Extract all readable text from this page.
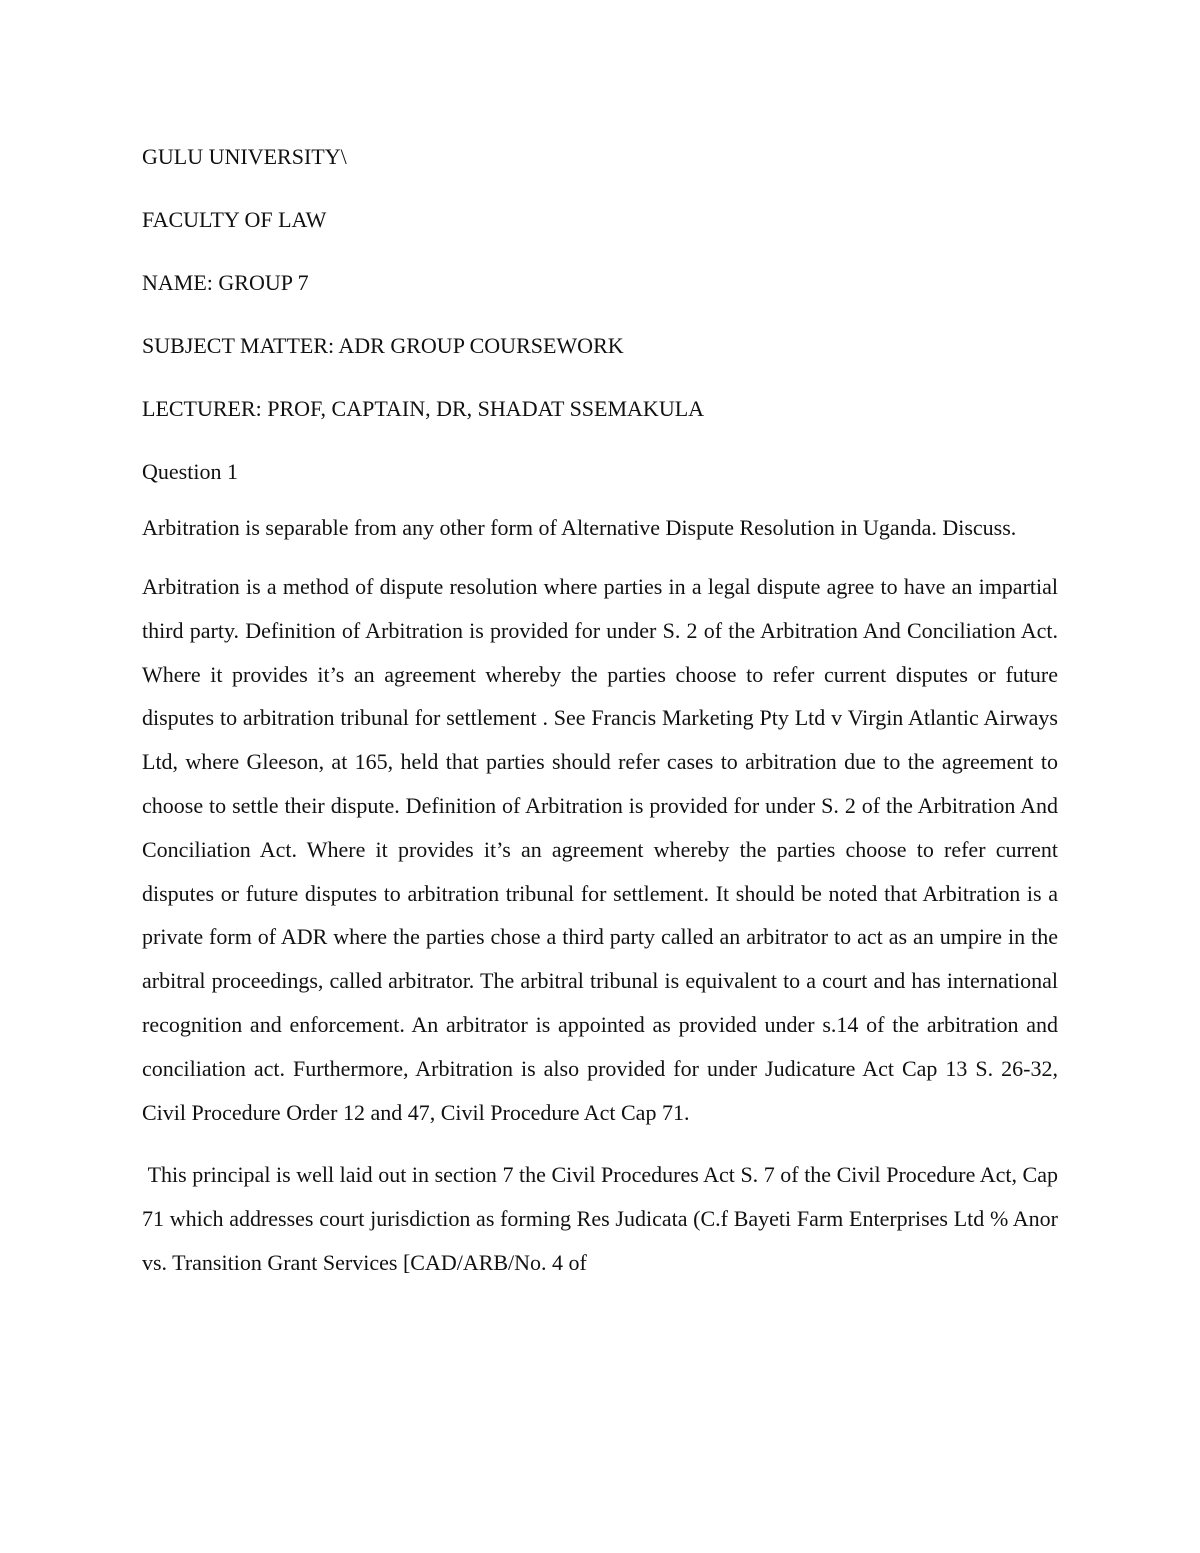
GULU UNIVERSITY\
FACULTY OF LAW
NAME: GROUP 7
SUBJECT MATTER: ADR GROUP COURSEWORK
LECTURER: PROF, CAPTAIN, DR, SHADAT SSEMAKULA
Question 1

Arbitration is separable from any other form of Alternative Dispute Resolution in Uganda. Discuss.

Arbitration is a method of dispute resolution where parties in a legal dispute agree to have an impartial third party. Definition of Arbitration is provided for under S. 2 of the Arbitration And Conciliation Act. Where it provides it’s an agreement whereby the parties choose to refer current disputes or future disputes to arbitration tribunal for settlement . See Francis Marketing Pty Ltd v Virgin Atlantic Airways Ltd, where Gleeson, at 165, held that parties should refer cases to arbitration due to the agreement to choose to settle their dispute. Definition of Arbitration is provided for under S. 2 of the Arbitration And Conciliation Act. Where it provides it’s an agreement whereby the parties choose to refer current disputes or future disputes to arbitration tribunal for settlement. It should be noted that Arbitration is a private form of ADR where the parties chose a third party called an arbitrator to act as an umpire in the arbitral proceedings, called arbitrator. The arbitral tribunal is equivalent to a court and has international recognition and enforcement. An arbitrator is appointed as provided under s.14 of the arbitration and conciliation act. Furthermore, Arbitration is also provided for under Judicature Act Cap 13 S. 26-32, Civil Procedure Order 12 and 47, Civil Procedure Act Cap 71.

This principal is well laid out in section 7 the Civil Procedures Act S. 7 of the Civil Procedure Act, Cap 71 which addresses court jurisdiction as forming Res Judicata (C.f Bayeti Farm Enterprises Ltd % Anor vs. Transition Grant Services [CAD/ARB/No. 4 of
